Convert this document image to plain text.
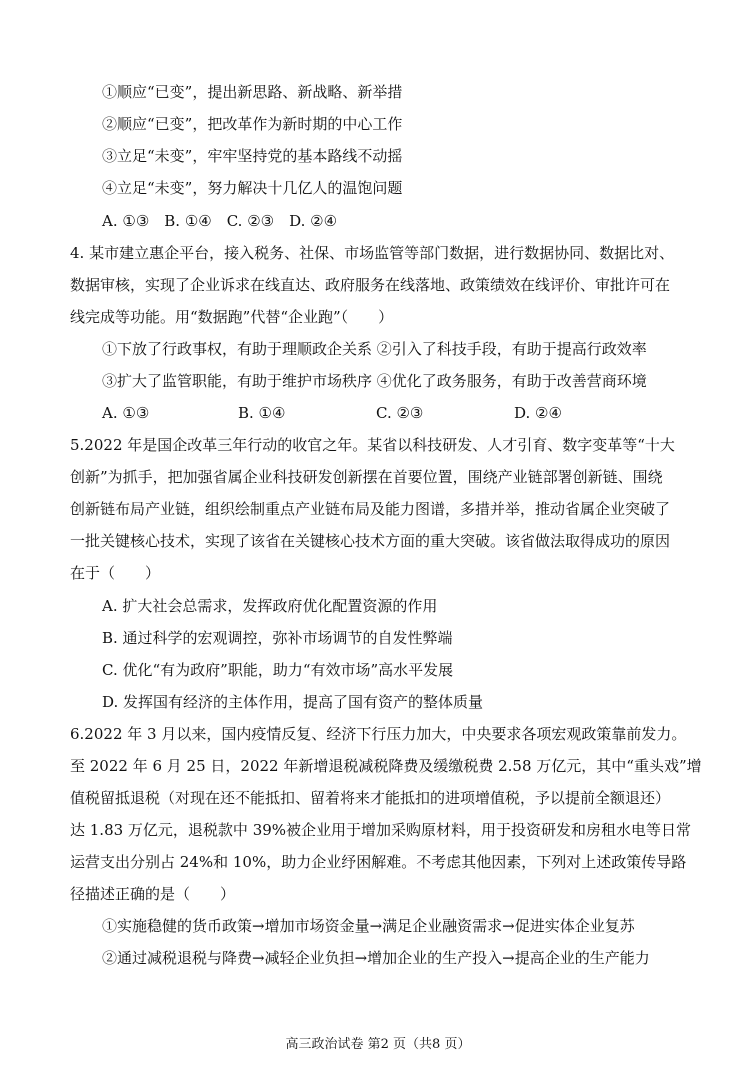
①顺应“已变”，提出新思路、新战略、新举措
②顺应“已变”，把改革作为新时期的中心工作
③立足“未变”，牢牢坚持党的基本路线不动摇
④立足“未变”，努力解决十几亿人的温饱问题
A. ①③　B. ①④　C. ②③　D. ②④
4. 某市建立惠企平台，接入税务、社保、市场监管等部门数据，进行数据协同、数据比对、
数据审核，实现了企业诉求在线直达、政府服务在线落地、政策绩效在线评价、审批许可在
线完成等功能。用“数据跑”代替“企业跑”（　　）
①下放了行政事权，有助于理顺政企关系 ②引入了科技手段，有助于提高行政效率
③扩大了监管职能，有助于维护市场秩序 ④优化了政务服务，有助于改善营商环境
A. ①③	B. ①④	C. ②③	D. ②④
5.2022 年是国企改革三年行动的收官之年。某省以科技研发、人才引育、数字变革等“十大
创新”为抓手，把加强省属企业科技研发创新摆在首要位置，围绕产业链部署创新链、围绕
创新链布局产业链，组织绘制重点产业链布局及能力图谱，多措并举，推动省属企业突破了
一批关键核心技术，实现了该省在关键核心技术方面的重大突破。该省做法取得成功的原因
在于（　　）
A. 扩大社会总需求，发挥政府优化配置资源的作用
B. 通过科学的宏观调控，弥补市场调节的自发性弊端
C. 优化“有为政府”职能，助力“有效市场”高水平发展
D. 发挥国有经济的主体作用，提高了国有资产的整体质量
6.2022 年 3 月以来，国内疫情反复、经济下行压力加大，中央要求各项宏观政策靠前发力。
至 2022 年 6 月 25 日，2022 年新增退税减税降费及缓缴税费 2.58 万亿元，其中“重头戏”增
值税留抵退税（对现在还不能抵扣、留着将来才能抵扣的进项增值税，予以提前全额退还）
达 1.83 万亿元，退税款中 39%被企业用于增加采购原材料，用于投资研发和房租水电等日常
运营支出分别占 24%和 10%，助力企业纾困解难。不考虑其他因素，下列对上述政策传导路
径描述正确的是（　　）
①实施稳健的货币政策→增加市场资金量→满足企业融资需求→促进实体企业复苏
②通过减税退税与降费→减轻企业负担→增加企业的生产投入→提高企业的生产能力
高三政治试卷 第2 页（共8 页）
